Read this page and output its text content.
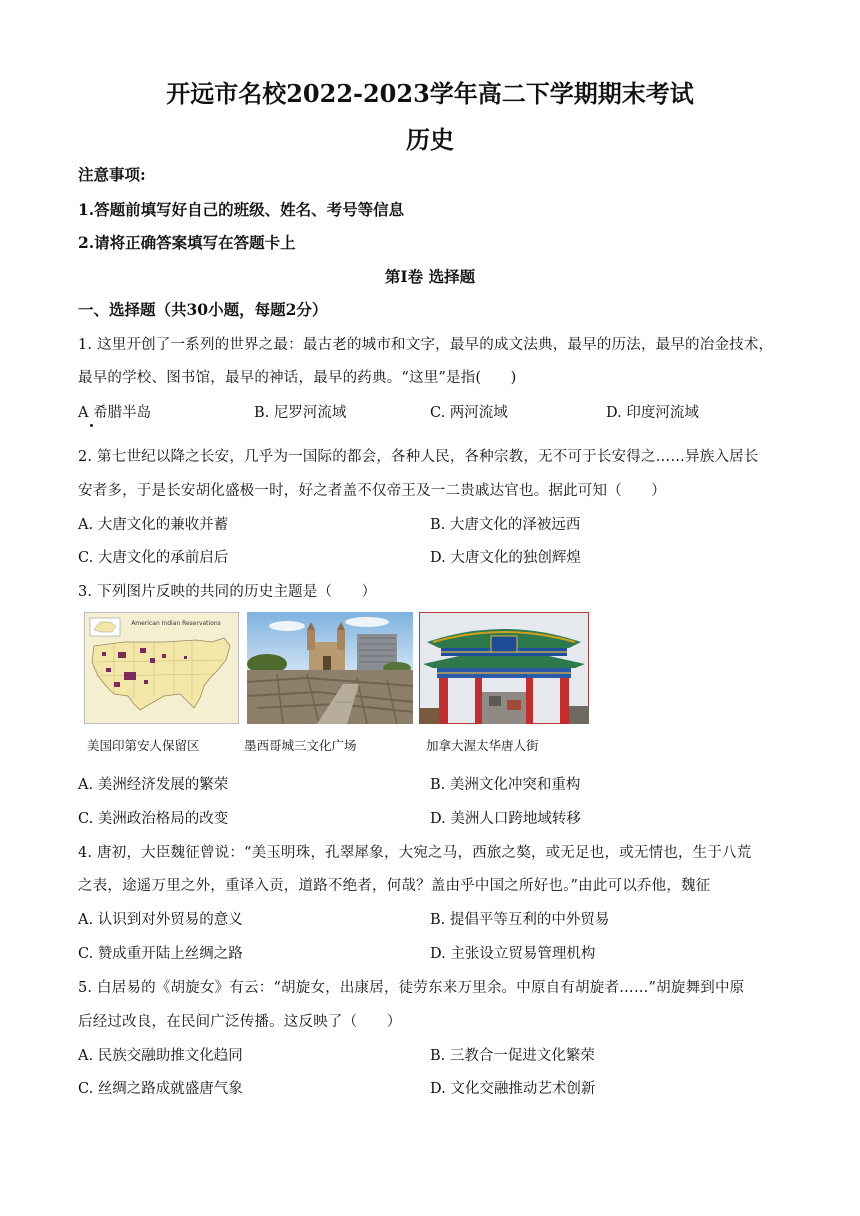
开远市名校2022-2023学年高二下学期期末考试
历史
注意事项:
1.答题前填写好自己的班级、姓名、考号等信息
2.请将正确答案填写在答题卡上
第Ⅰ卷 选择题
一、选择题（共30小题，每题2分）
1. 这里开创了一系列的世界之最：最古老的城市和文字，最早的成文法典，最早的历法，最早的冶金技术，
最早的学校、图书馆，最早的神话，最早的药典。“这里”是指(　　)
A 希腊半岛	B. 尼罗河流域	C. 两河流域	D. 印度河流域
2. 第七世纪以降之长安，几乎为一国际的都会，各种人民，各种宗教，无不可于长安得之……异族入居长
安者多，于是长安胡化盛极一时，好之者盖不仅帝王及一二贵戚达官也。据此可知（　　）
A. 大唐文化的兼收并蓄	B. 大唐文化的泽被远西
C. 大唐文化的承前启后	D. 大唐文化的独创辉煌
3. 下列图片反映的共同的历史主题是（　　）
American Indian Reservations
美国印第安人保留区	墨西哥城三文化广场	加拿大渥太华唐人街
A. 美洲经济发展的繁荣	B. 美洲文化冲突和重构
C. 美洲政治格局的改变	D. 美洲人口跨地域转移
4. 唐初，大臣魏征曾说：“美玉明珠，孔翠犀象，大宛之马，西旅之獒，或无足也，或无情也，生于八荒
之表，途遥万里之外，重译入贡，道路不绝者，何哉？盖由乎中国之所好也。”由此可以乔他，魏征
A. 认识到对外贸易的意义	B. 提倡平等互利的中外贸易
C. 赞成重开陆上丝绸之路	D. 主张设立贸易管理机构
5. 白居易的《胡旋女》有云：“胡旋女，出康居，徒劳东来万里余。中原自有胡旋者……”胡旋舞到中原
后经过改良，在民间广泛传播。这反映了（　　）
A. 民族交融助推文化趋同	B. 三教合一促进文化繁荣
C. 丝绸之路成就盛唐气象	D. 文化交融推动艺术创新
